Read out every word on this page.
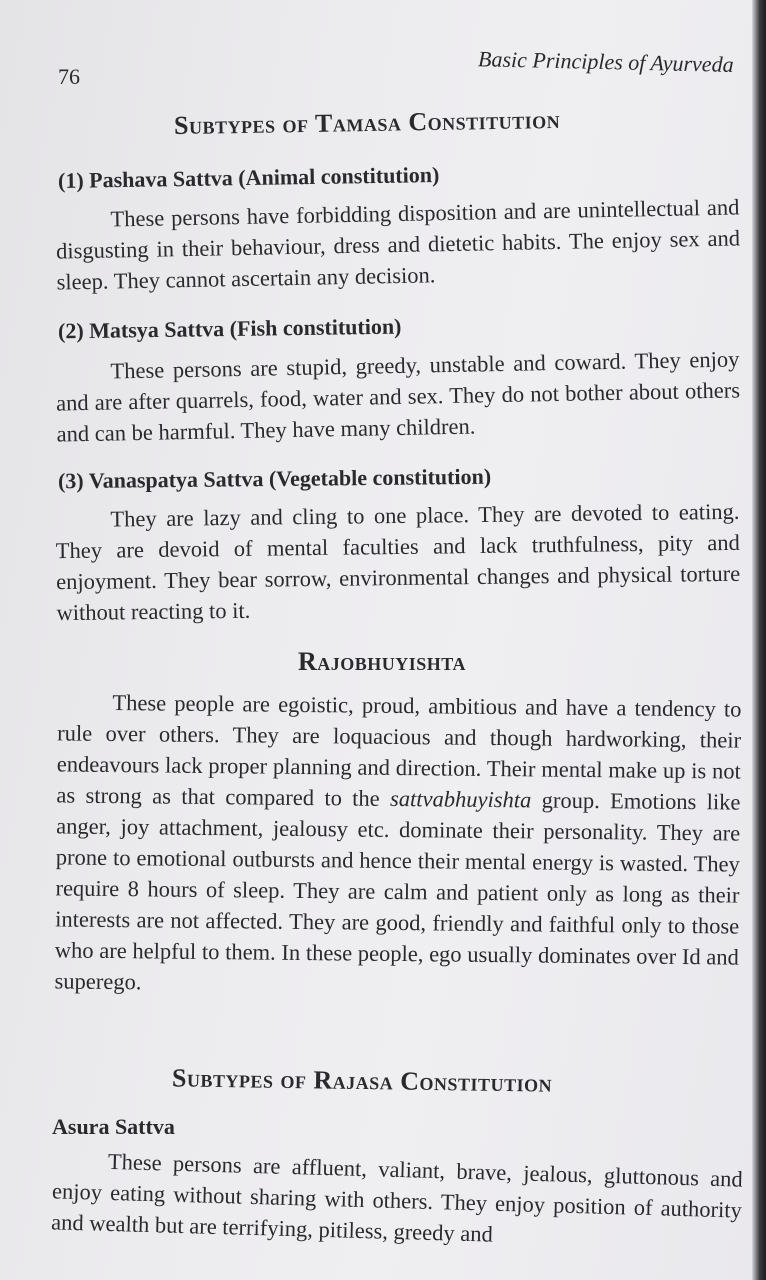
76	Basic Principles of Ayurveda
Subtypes of Tamasa Constitution
(1) Pashava Sattva (Animal constitution)

These persons have forbidding disposition and are unintellectual and disgusting in their behaviour, dress and dietetic habits. The enjoy sex and sleep. They cannot ascertain any decision.

(2) Matsya Sattva (Fish constitution)

These persons are stupid, greedy, unstable and coward. They enjoy and are after quarrels, food, water and sex. They do not bother about others and can be harmful. They have many children.

(3) Vanaspatya Sattva (Vegetable constitution)

They are lazy and cling to one place. They are devoted to eating. They are devoid of mental faculties and lack truthfulness, pity and enjoyment. They bear sorrow, environmental changes and physical torture without reacting to it.

Rajobhuyishta

These people are egoistic, proud, ambitious and have a tendency to rule over others. They are loquacious and though hardworking, their endeavours lack proper planning and direction. Their mental make up is not as strong as that compared to the sattvabhuyishta group. Emotions like anger, joy attachment, jealousy etc. dominate their personality. They are prone to emotional outbursts and hence their mental energy is wasted. They require 8 hours of sleep. They are calm and patient only as long as their interests are not affected. They are good, friendly and faithful only to those who are helpful to them. In these people, ego usually dominates over Id and superego.

Subtypes of Rajasa Constitution
Asura Sattva

These persons are affluent, valiant, brave, jealous, gluttonous and enjoy eating without sharing with others. They enjoy position of authority and wealth but are terrifying, pitiless, greedy and
